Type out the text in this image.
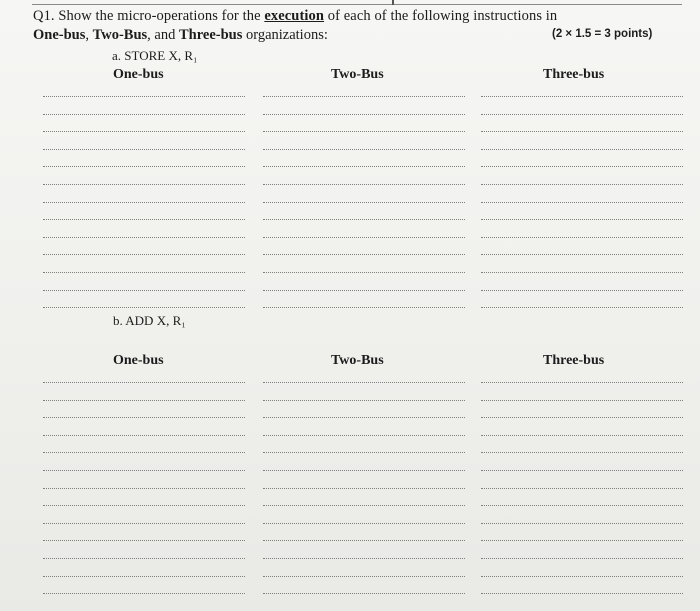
Q1. Show the micro-operations for the execution of each of the following instructions in
One-bus, Two-Bus, and Three-bus organizations:	(2 × 1.5 = 3 points)
a. STORE X, R₁
One-bus	Two-Bus	Three-bus
b. ADD X, R₁
One-bus	Two-Bus	Three-bus
